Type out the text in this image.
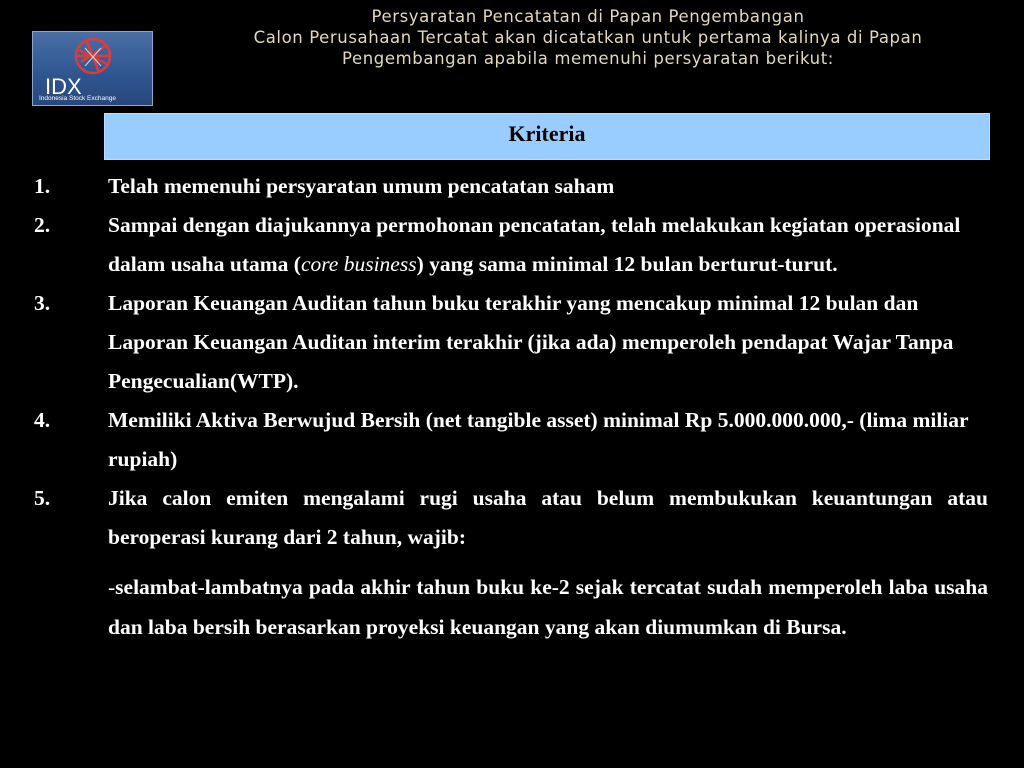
IDX
Indonesia Stock Exchange
Persyaratan Pencatatan di Papan Pengembangan
Calon Perusahaan Tercatat akan dicatatkan untuk pertama kalinya di Papan
Pengembangan apabila memenuhi persyaratan berikut:
Kriteria
1.	Telah memenuhi persyaratan umum pencatatan saham
2.	Sampai dengan diajukannya permohonan pencatatan, telah melakukan kegiatan operasional dalam usaha utama (core business) yang sama minimal 12 bulan berturut-turut.
3.	Laporan Keuangan Auditan tahun buku terakhir yang mencakup minimal 12 bulan dan Laporan Keuangan Auditan interim terakhir (jika ada) memperoleh pendapat Wajar Tanpa Pengecualian(WTP).
4.	Memiliki Aktiva Berwujud Bersih (net tangible asset) minimal Rp 5.000.000.000,- (lima miliar rupiah)
5.	Jika calon emiten mengalami rugi usaha atau belum membukukan keuantungan atau beroperasi kurang dari 2 tahun, wajib:
-selambat-lambatnya pada akhir tahun buku ke-2 sejak tercatat sudah memperoleh laba usaha dan laba bersih berasarkan proyeksi keuangan yang akan diumumkan di Bursa.
